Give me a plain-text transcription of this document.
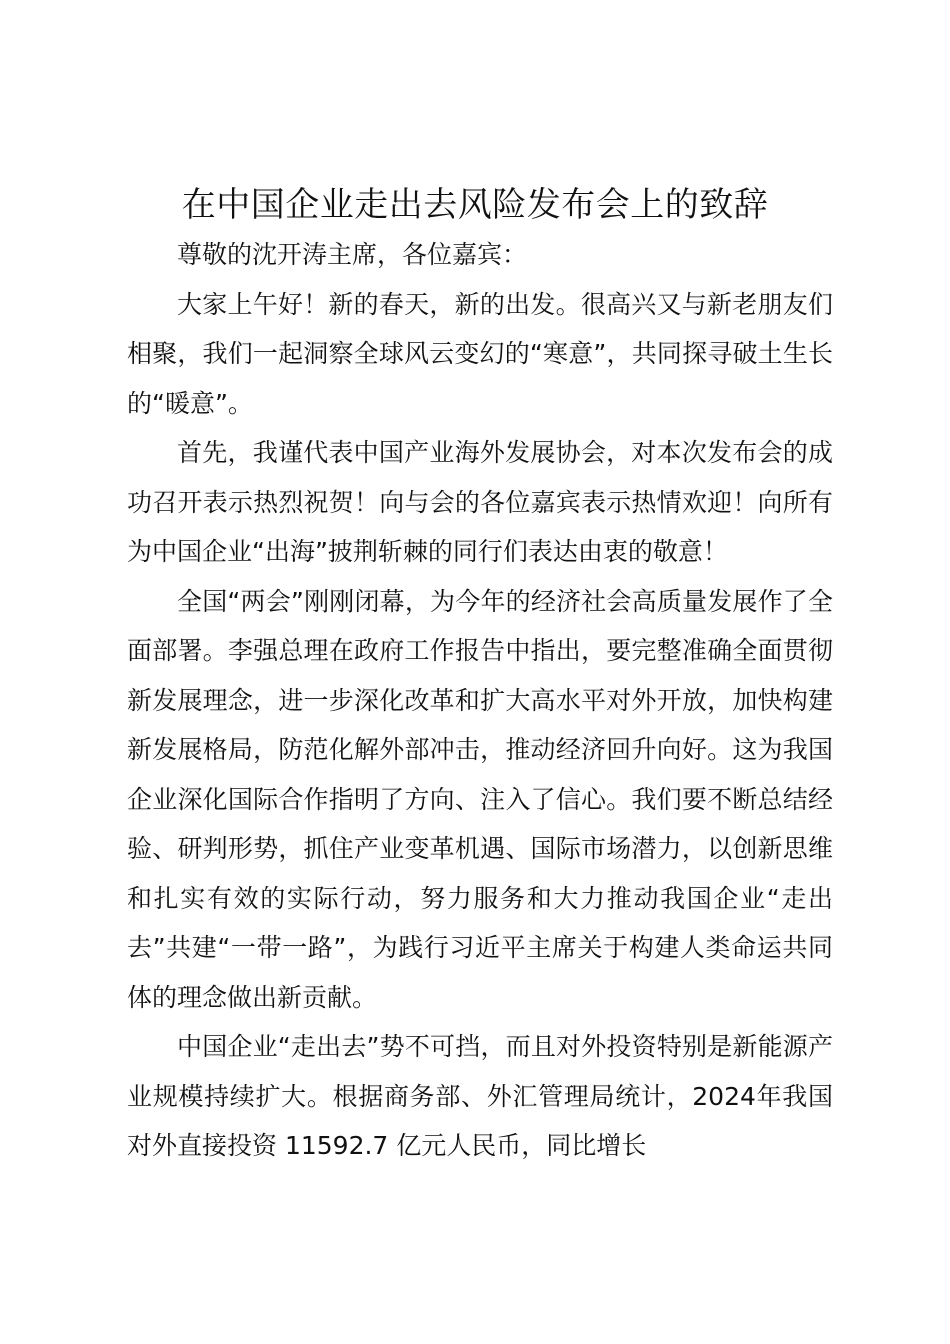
在中国企业走出去风险发布会上的致辞

尊敬的沈开涛主席，各位嘉宾：

大家上午好！新的春天，新的出发。很高兴又与新老朋友们相聚，我们一起洞察全球风云变幻的“寒意”，共同探寻破土生长的“暖意”。

首先，我谨代表中国产业海外发展协会，对本次发布会的成功召开表示热烈祝贺！向与会的各位嘉宾表示热情欢迎！向所有为中国企业“出海”披荆斩棘的同行们表达由衷的敬意！

全国“两会”刚刚闭幕，为今年的经济社会高质量发展作了全面部署。李强总理在政府工作报告中指出，要完整准确全面贯彻新发展理念，进一步深化改革和扩大高水平对外开放，加快构建新发展格局，防范化解外部冲击，推动经济回升向好。这为我国企业深化国际合作指明了方向、注入了信心。我们要不断总结经验、研判形势，抓住产业变革机遇、国际市场潜力，以创新思维和扎实有效的实际行动，努力服务和大力推动我国企业“走出去”共建“一带一路”，为践行习近平主席关于构建人类命运共同体的理念做出新贡献。

中国企业“走出去”势不可挡，而且对外投资特别是新能源产业规模持续扩大。根据商务部、外汇管理局统计，2024年我国对外直接投资 11592.7 亿元人民币，同比增长
